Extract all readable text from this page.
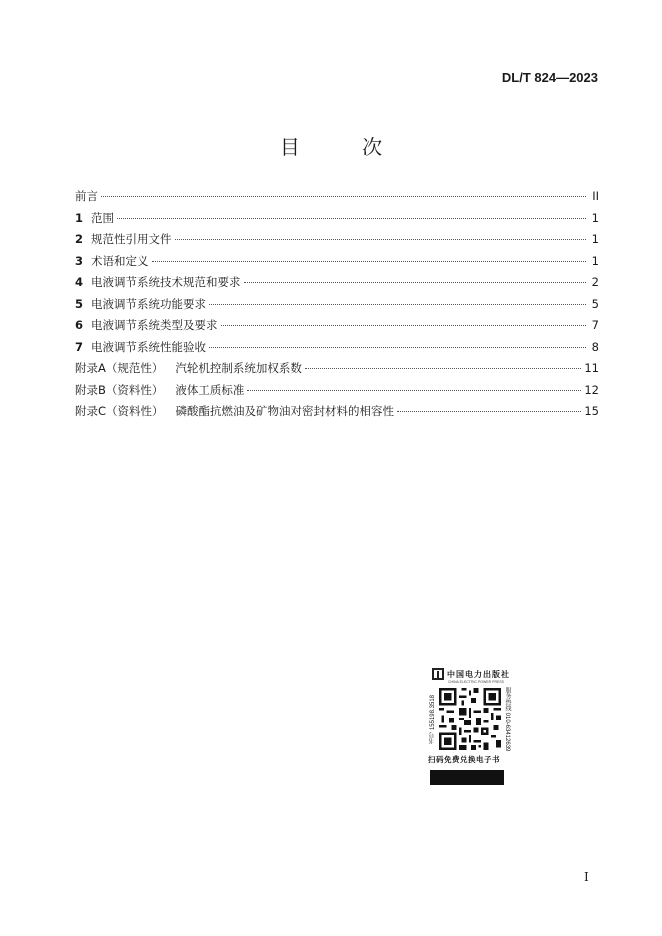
DL/T 824—2023
目 次
前言	II
1 范围	1
2 规范性引用文件	1
3 术语和定义	1
4 电液调节系统技术规范和要求	2
5 电液调节系统功能要求	5
6 电液调节系统类型及要求	7
7 电液调节系统性能验收	8
附录A（规范性） 汽轮机控制系统加权系数	11
附录B（资料性） 液体工质标准	12
附录C（资料性） 磷酸酯抗燃油及矿物油对密封材料的相容性	15
中国电力出版社
CHINA ELECTRIC POWER PRESS
书号 155198.3518	服务热线 010-63412639
扫码免费兑换电子书
I
